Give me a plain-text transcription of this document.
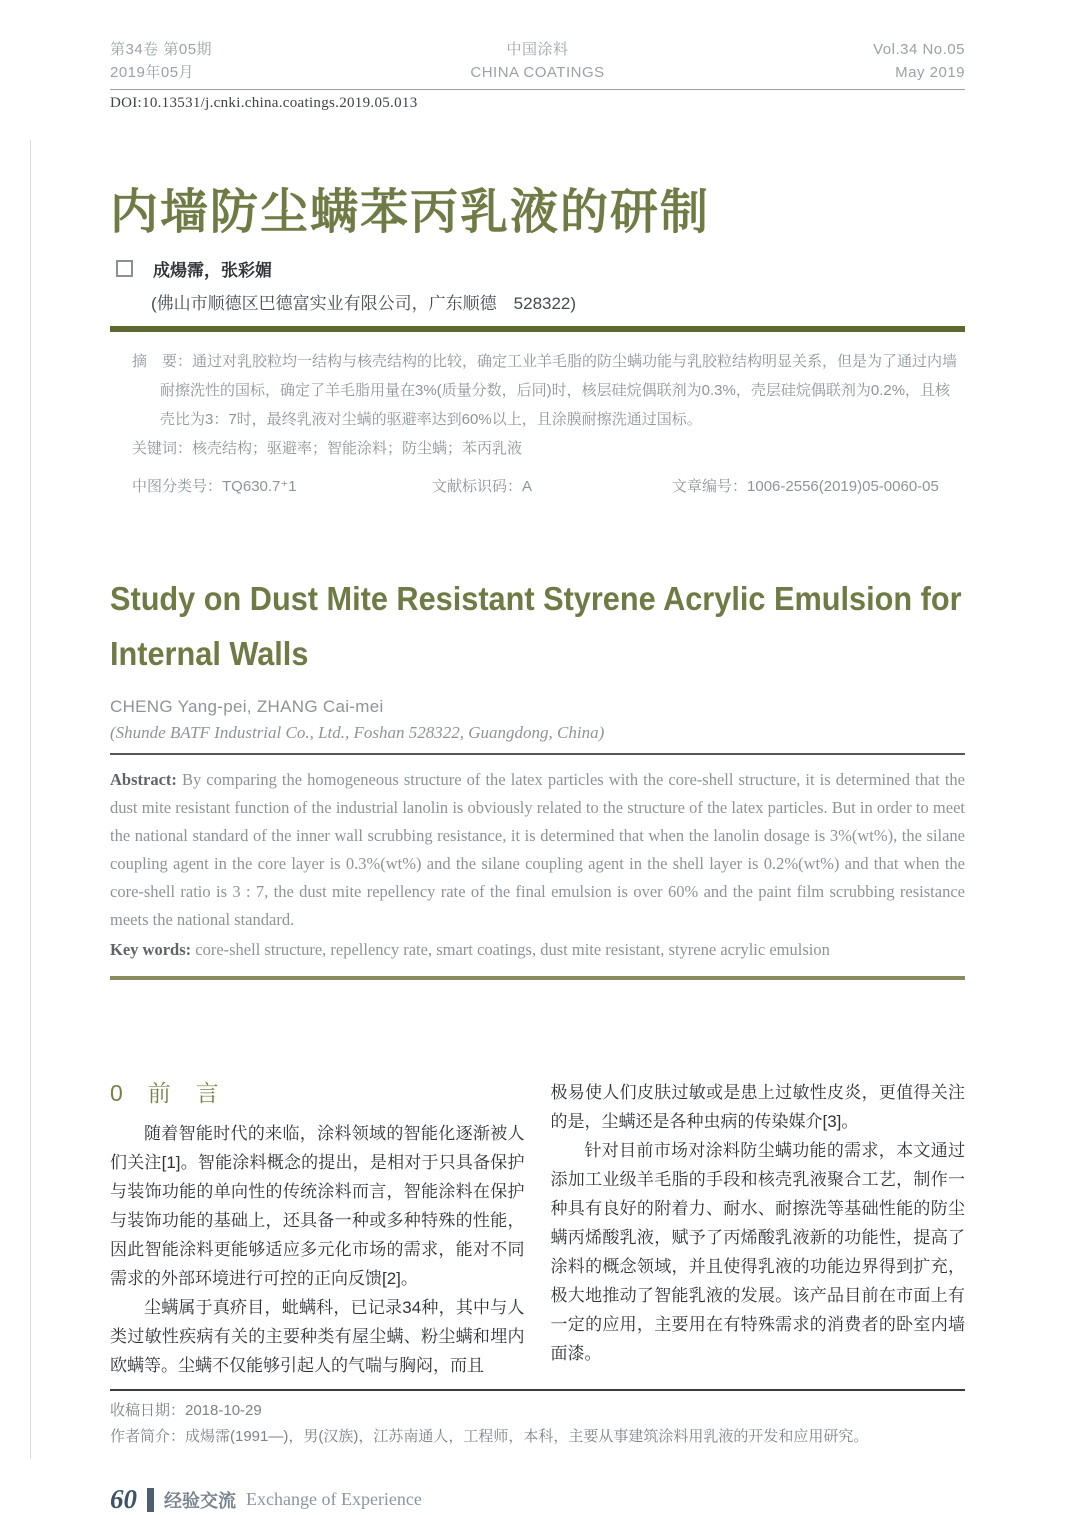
第34卷 第05期
2019年05月
中国涂料
CHINA COATINGS
Vol.34 No.05
May 2019
DOI:10.13531/j.cnki.china.coatings.2019.05.013
内墙防尘螨苯丙乳液的研制
成煬霈，张彩媚
(佛山市顺德区巴德富实业有限公司，广东顺德　528322)

摘　要：通过对乳胶粒均一结构与核壳结构的比较，确定工业羊毛脂的防尘螨功能与乳胶粒结构明显关系，但是为了通过内墙耐擦洗性的国标，确定了羊毛脂用量在3%(质量分数，后同)时，核层硅烷偶联剂为0.3%，壳层硅烷偶联剂为0.2%，且核壳比为3：7时，最终乳液对尘螨的驱避率达到60%以上，且涂膜耐擦洗通过国标。

关键词：核壳结构；驱避率；智能涂料；防尘螨；苯丙乳液

中图分类号：TQ630.7⁺1	文献标识码：A	文章编号：1006-2556(2019)05-0060-05
Study on Dust Mite Resistant Styrene Acrylic Emulsion for
Internal Walls
CHENG Yang-pei, ZHANG Cai-mei
(Shunde BATF Industrial Co., Ltd., Foshan 528322, Guangdong, China)
Abstract: By comparing the homogeneous structure of the latex particles with the core-shell structure, it is determined that the dust mite resistant function of the industrial lanolin is obviously related to the structure of the latex particles. But in order to meet the national standard of the inner wall scrubbing resistance, it is determined that when the lanolin dosage is 3%(wt%), the silane coupling agent in the core layer is 0.3%(wt%) and the silane coupling agent in the shell layer is 0.2%(wt%) and that when the core-shell ratio is 3 : 7, the dust mite repellency rate of the final emulsion is over 60% and the paint film scrubbing resistance meets the national standard.
Key words: core-shell structure, repellency rate, smart coatings, dust mite resistant, styrene acrylic emulsion
0　前　言

随着智能时代的来临，涂料领域的智能化逐渐被人们关注[1]。智能涂料概念的提出，是相对于只具备保护与装饰功能的单向性的传统涂料而言，智能涂料在保护与装饰功能的基础上，还具备一种或多种特殊的性能，因此智能涂料更能够适应多元化市场的需求，能对不同需求的外部环境进行可控的正向反馈[2]。

尘螨属于真疥目，蚍螨科，已记录34种，其中与人类过敏性疾病有关的主要种类有屋尘螨、粉尘螨和埋内欧螨等。尘螨不仅能够引起人的气喘与胸闷，而且

极易使人们皮肤过敏或是患上过敏性皮炎，更值得关注的是，尘螨还是各种虫病的传染媒介[3]。

针对目前市场对涂料防尘螨功能的需求，本文通过添加工业级羊毛脂的手段和核壳乳液聚合工艺，制作一种具有良好的附着力、耐水、耐擦洗等基础性能的防尘螨丙烯酸乳液，赋予了丙烯酸乳液新的功能性，提高了涂料的概念领域，并且使得乳液的功能边界得到扩充，极大地推动了智能乳液的发展。该产品目前在市面上有一定的应用，主要用在有特殊需求的消费者的卧室内墙面漆。

收稿日期：2018-10-29
作者简介：成煬霈(1991—)，男(汉族)，江苏南通人，工程师，本科，主要从事建筑涂料用乳液的开发和应用研究。
60 经验交流 Exchange of Experience
